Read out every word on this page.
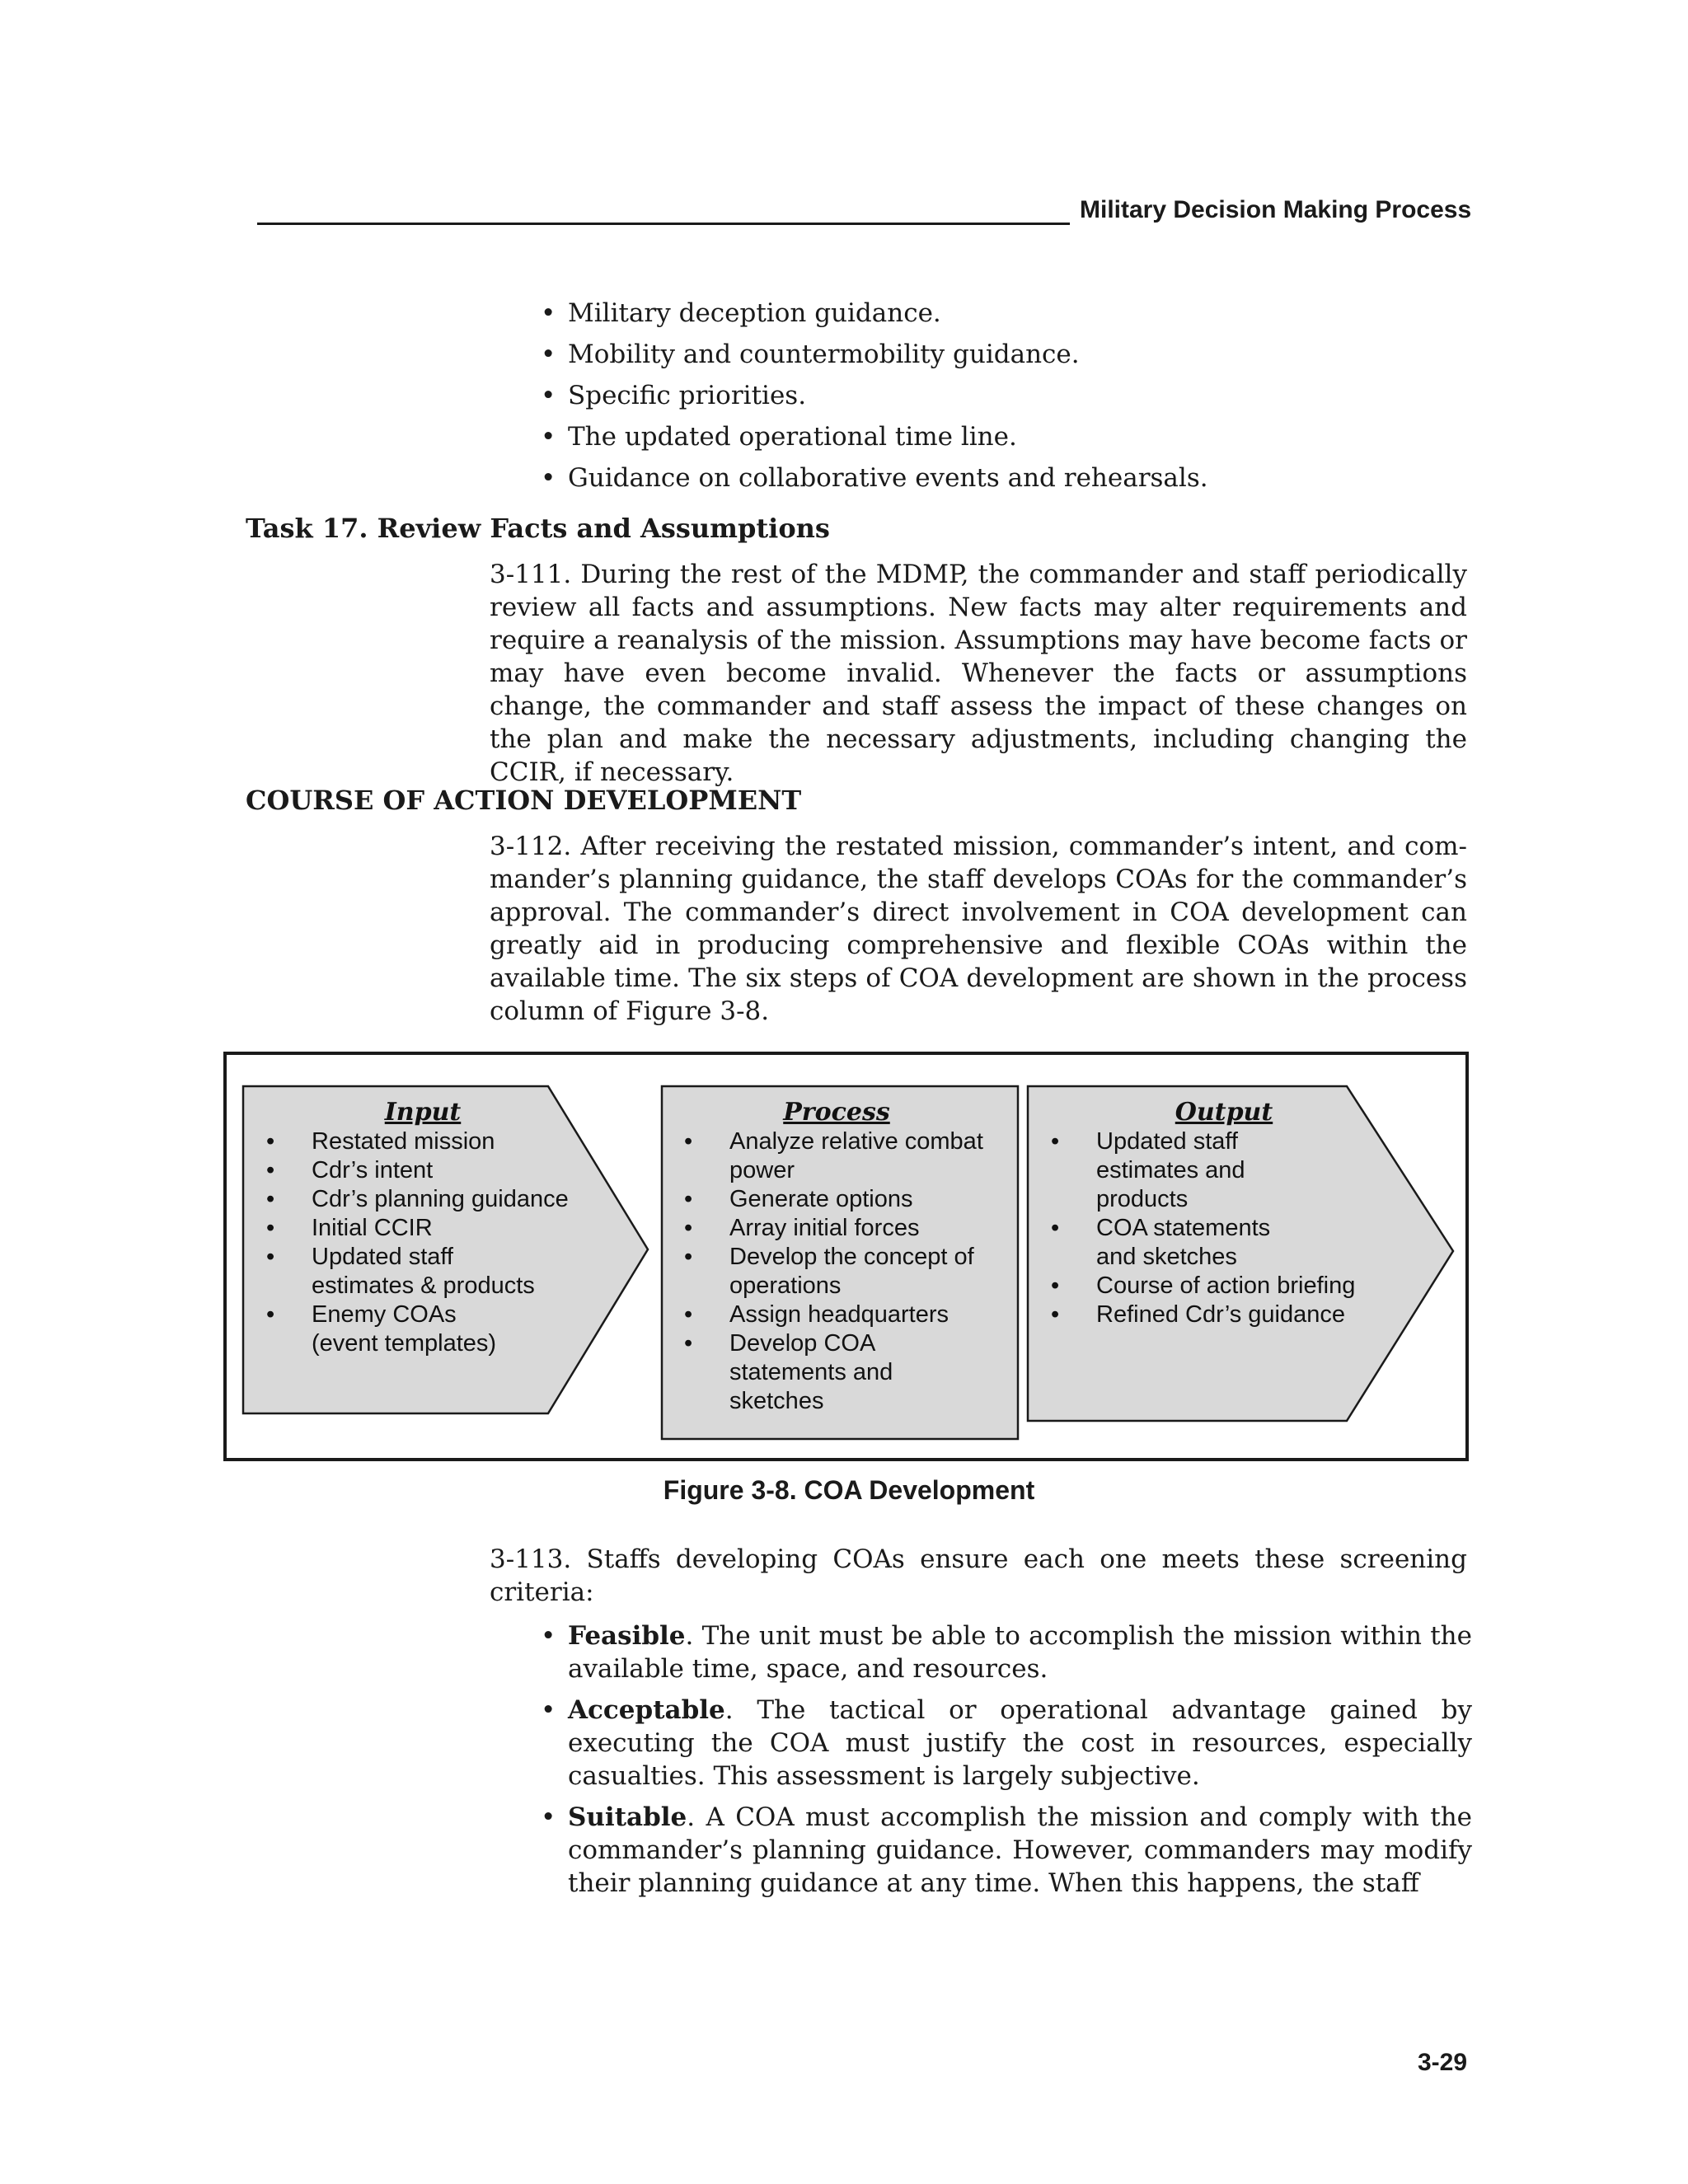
Military Decision Making Process
• Military deception guidance.
• Mobility and countermobility guidance.
• Specific priorities.
• The updated operational time line.
• Guidance on collaborative events and rehearsals.
Task 17. Review Facts and Assumptions

3-111. During the rest of the MDMP, the commander and staff periodically review all facts and assumptions. New facts may alter requirements and require a reanalysis of the mission. Assumptions may have become facts or may have even become invalid. Whenever the facts or assumptions change, the commander and staff assess the impact of these changes on the plan and make the necessary adjustments, including changing the CCIR, if necessary.

COURSE OF ACTION DEVELOPMENT

3-112. After receiving the restated mission, commander’s intent, and com-mander’s planning guidance, the staff develops COAs for the commander’s approval. The commander’s direct involvement in COA development can greatly aid in producing comprehensive and flexible COAs within the available time. The six steps of COA development are shown in the process column of Figure 3-8.

Input
• Restated mission
• Cdr’s intent
• Cdr’s planning guidance
• Initial CCIR
• Updated staff estimates & products
• Enemy COAs (event templates)
Process
• Analyze relative combat power
• Generate options
• Array initial forces
• Develop the concept of operations
• Assign headquarters
• Develop COA statements and sketches
Output
• Updated staff estimates and products
• COA statements and sketches
• Course of action briefing
• Refined Cdr’s guidance
Figure 3-8. COA Development

3-113. Staffs developing COAs ensure each one meets these screening criteria:

• Feasible. The unit must be able to accomplish the mission within the available time, space, and resources.
• Acceptable. The tactical or operational advantage gained by executing the COA must justify the cost in resources, especially casualties. This assessment is largely subjective.
• Suitable. A COA must accomplish the mission and comply with the commander’s planning guidance. However, commanders may modify their planning guidance at any time. When this happens, the staff
3-29
